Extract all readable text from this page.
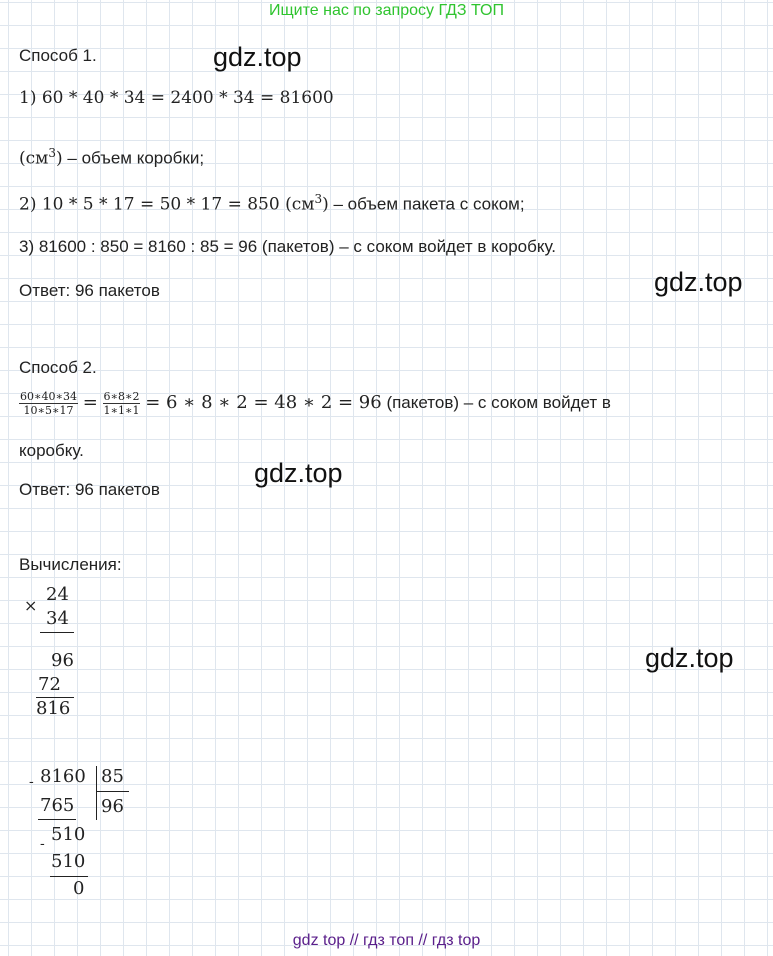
Ищите нас по запросу ГДЗ ТОП
gdz.top
gdz.top
gdz.top
gdz.top
Способ 1.
1) 60 * 40 * 34 = 2400 * 34 = 81600
$(см^3)$ – объем коробки;
2) 10 * 5 * 17 = 50 * 17 = 850 $(см^3)$ – объем пакета с соком;
3) 81600 : 850 = 8160 : 85 = 96 (пакетов) – с соком войдет в коробку.
Ответ: 96 пакетов
Способ 2.
$\frac{60∗40∗34}{10∗5∗17} = \frac{6∗8∗2}{1∗1∗1} = 6$ ∗ 8 ∗ 2 = 48 ∗ 2 = 96 (пакетов) – с соком войдет в
коробку.
Ответ: 96 пакетов
Вычисления:
×
24
34
96
72
816
- 8160 85
96
765
- 510
510
0
gdz top // гдз топ // гдз top
